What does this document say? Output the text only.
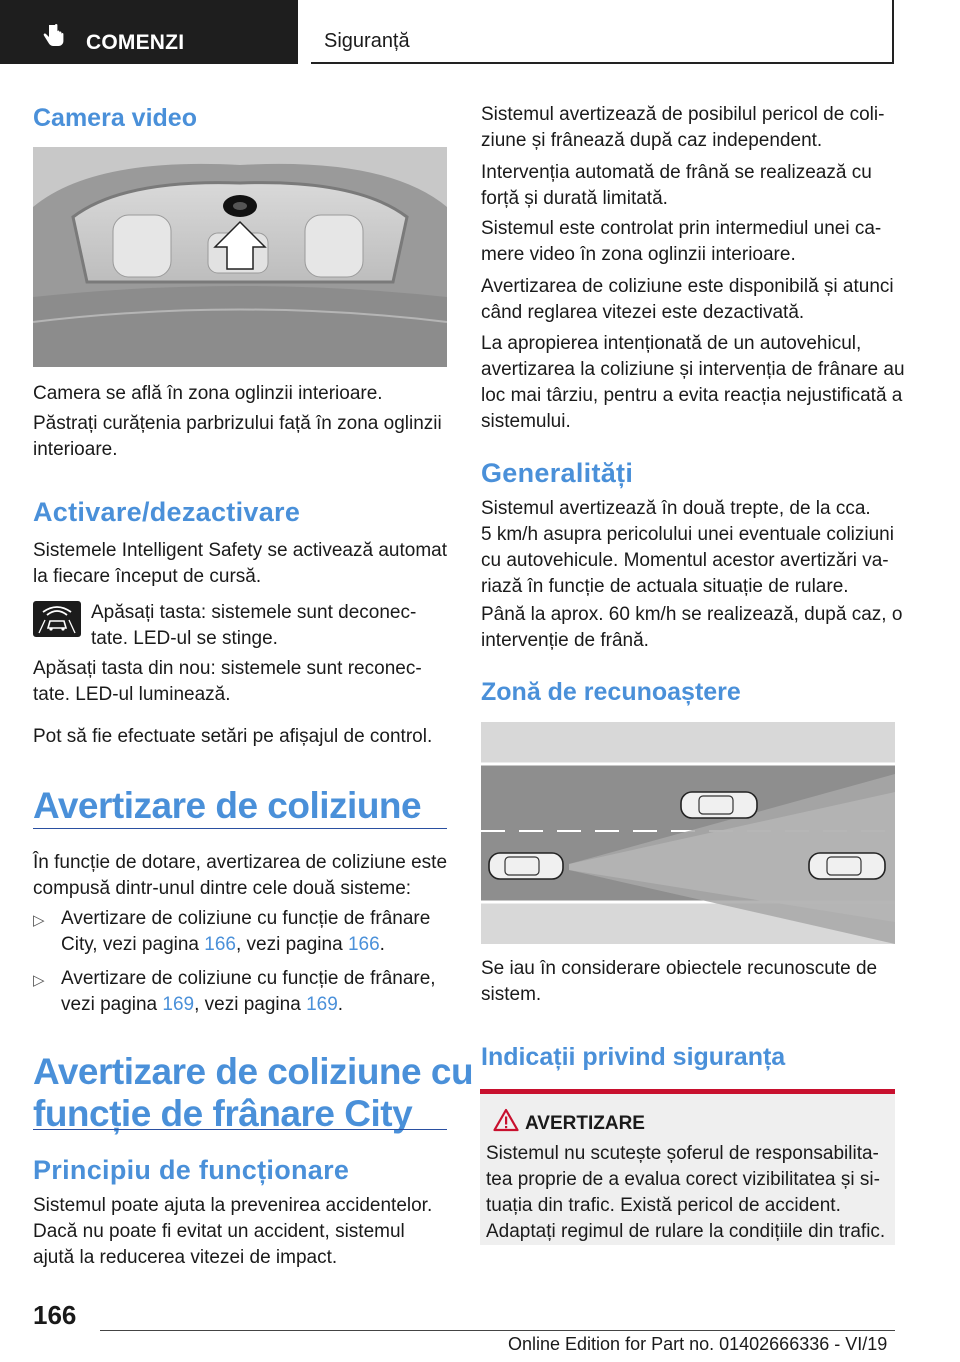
COMENZI	Siguranță
Camera video

Camera se află în zona oglinzii interioare.

Păstrați curățenia parbrizului față în zona oglinzii

interioare.

Activare/dezactivare

Sistemele Intelligent Safety se activează automat

la fiecare început de cursă.

Apăsați tasta: sistemele sunt deconec-

tate. LED-ul se stinge.

Apăsați tasta din nou: sistemele sunt reconec-

tate. LED-ul luminează.

Pot să fie efectuate setări pe afișajul de control.

Avertizare de coliziune

În funcție de dotare, avertizarea de coliziune este

compusă dintr-unul dintre cele două sisteme:

▷ Avertizare de coliziune cu funcție de frânare

City, vezi pagina 166, vezi pagina 166.

▷ Avertizare de coliziune cu funcție de frânare,

vezi pagina 169, vezi pagina 169.

Avertizare de coliziune cu
funcție de frânare City
Principiu de funcționare

Sistemul poate ajuta la prevenirea accidentelor.

Dacă nu poate fi evitat un accident, sistemul

ajută la reducerea vitezei de impact.

Sistemul avertizează de posibilul pericol de coli-

ziune și frânează după caz independent.

Intervenția automată de frână se realizează cu

forță și durată limitată.

Sistemul este controlat prin intermediul unei ca-

mere video în zona oglinzii interioare.

Avertizarea de coliziune este disponibilă și atunci

când reglarea vitezei este dezactivată.

La apropierea intenționată de un autovehicul,

avertizarea la coliziune și intervenția de frânare au

loc mai târziu, pentru a evita reacția nejustificată a

sistemului.

Generalități

Sistemul avertizează în două trepte, de la cca.

5 km/h asupra pericolului unei eventuale coliziuni

cu autovehicule. Momentul acestor avertizări va-

riază în funcție de actuala situație de rulare.

Până la aprox. 60 km/h se realizează, după caz, o

intervenție de frână.

Zonă de recunoaștere

Se iau în considerare obiectele recunoscute de

sistem.

Indicații privind siguranța
AVERTIZARE

Sistemul nu scutește șoferul de responsabilita-

tea proprie de a evalua corect vizibilitatea și si-

tuația din trafic. Există pericol de accident.

Adaptați regimul de rulare la condițiile din trafic.

166
Online Edition for Part no. 01402666336 - VI/19
